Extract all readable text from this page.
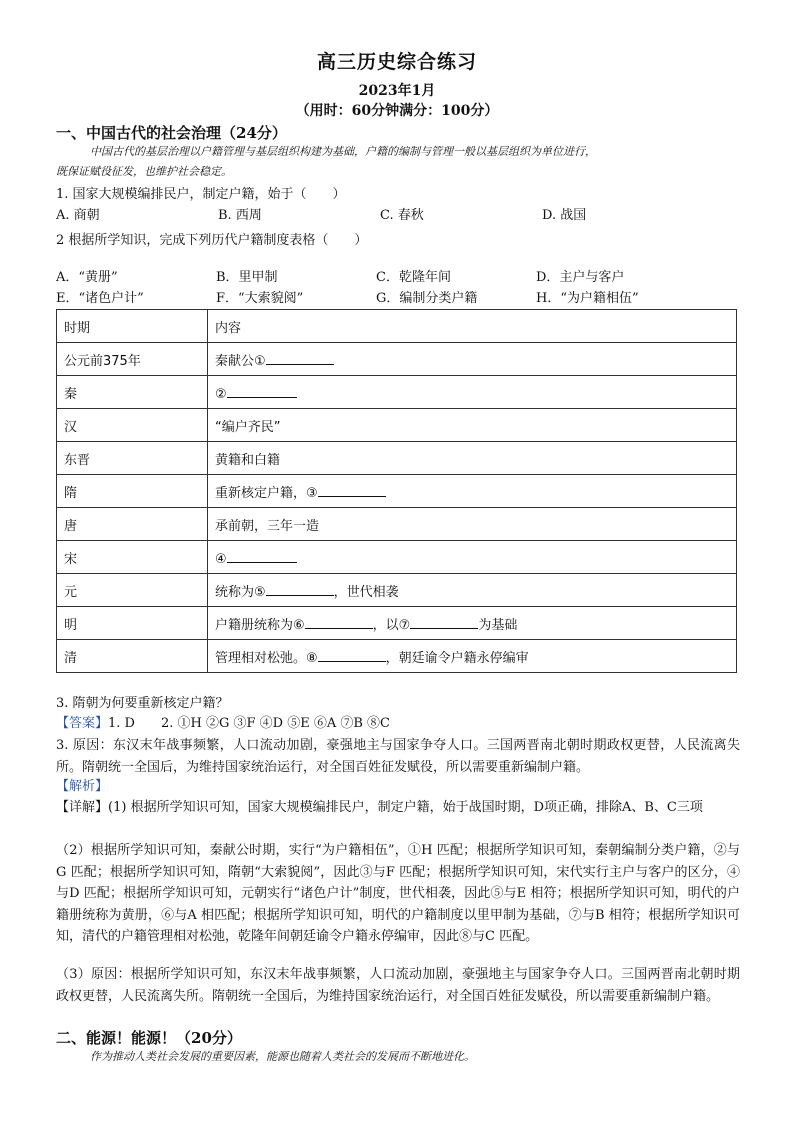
高三历史综合练习
2023年1月
（用时：60分钟满分：100分）
一、中国古代的社会治理（24分）
中国古代的基层治理以户籍管理与基层组织构建为基础，户籍的编制与管理一般以基层组织为单位进行，
既保证赋役征发，也维护社会稳定。
1. 国家大规模编排民户，制定户籍，始于（　　）
A. 商朝	B. 西周	C. 春秋	D. 战国
2 根据所学知识，完成下列历代户籍制度表格（　　）
A．“黄册”	B．里甲制	C．乾隆年间	D．主户与客户
E．“诸色户计”	F．“大索貌阅”	G．编制分类户籍	H．“为户籍相伍”
时期	内容
公元前375年	秦献公①
秦	②
汉	“编户齐民”
东晋	黄籍和白籍
隋	重新核定户籍，③
唐	承前朝，三年一造
宋	④
元	统称为⑤ ，世代相袭
明	户籍册统称为⑥ ，以⑦ 为基础
清	管理相对松弛。⑧ ，朝廷谕令户籍永停编审
3. 隋朝为何要重新核定户籍？
【答案】1. D　　2. ①H ②G ③F ④D ⑤E ⑥A ⑦B ⑧C
3. 原因：东汉末年战事频繁，人口流动加剧，豪强地主与国家争夺人口。三国两晋南北朝时期政权更替，人民流离失所。隋朝统一全国后，为维持国家统治运行，对全国百姓征发赋役，所以需要重新编制户籍。
【解析】
【详解】(1) 根据所学知识可知，国家大规模编排民户，制定户籍，始于战国时期，D项正确，排除A、B、C三项
（2）根据所学知识可知，秦献公时期，实行“为户籍相伍”，①H 匹配；根据所学知识可知，秦朝编制分类户籍，②与G 匹配；根据所学知识可知，隋朝“大索貌阅”，因此③与F 匹配；根据所学知识可知，宋代实行主户与客户的区分，④与D 匹配；根据所学知识可知，元朝实行“诸色户计”制度，世代相袭，因此⑤与E 相符；根据所学知识可知，明代的户籍册统称为黄册，⑥与A 相匹配；根据所学知识可知，明代的户籍制度以里甲制为基础，⑦与B 相符；根据所学知识可知，清代的户籍管理相对松弛，乾隆年间朝廷谕令户籍永停编审，因此⑧与C 匹配。
（3）原因：根据所学知识可知，东汉末年战事频繁，人口流动加剧，豪强地主与国家争夺人口。三国两晋南北朝时期政权更替，人民流离失所。隋朝统一全国后，为维持国家统治运行，对全国百姓征发赋役，所以需要重新编制户籍。
二、能源！能源！（20分）
作为推动人类社会发展的重要因素，能源也随着人类社会的发展而不断地进化。
